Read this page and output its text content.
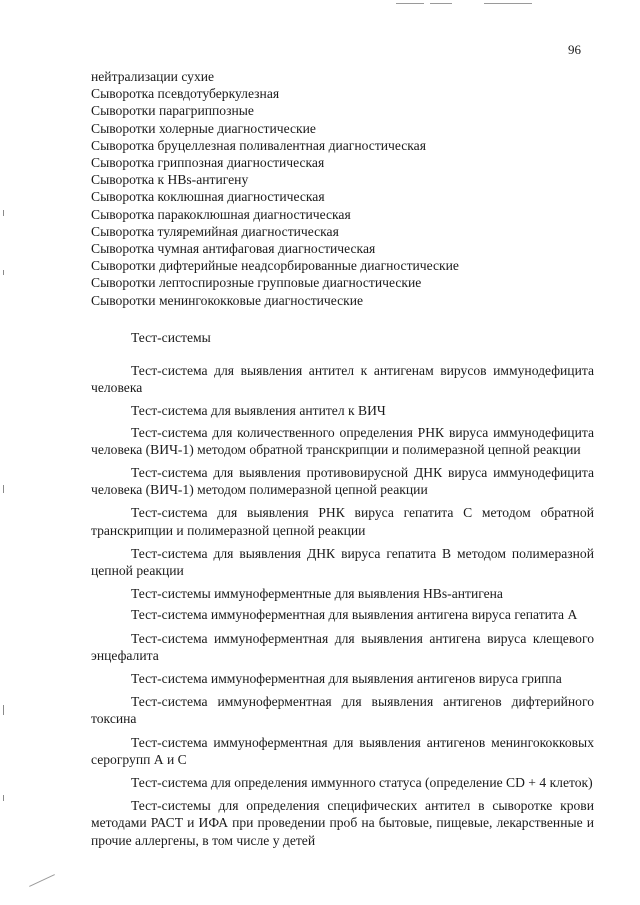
96
нейтрализации сухие
Сыворотка псевдотуберкулезная
Сыворотки парагриппозные
Сыворотки холерные диагностические
Сыворотка бруцеллезная поливалентная диагностическая
Сыворотка гриппозная диагностическая
Сыворотка к HBs-антигену
Сыворотка коклюшная диагностическая
Сыворотка паракоклюшная диагностическая
Сыворотка туляремийная диагностическая
Сыворотка чумная антифаговая диагностическая
Сыворотки дифтерийные неадсорбированные диагностические
Сыворотки лептоспирозные групповые диагностические
Сыворотки менингококковые диагностические
Тест-системы

Тест-система для выявления антител к антигенам вирусов иммунодефицита человека

Тест-система для выявления антител к ВИЧ

Тест-система для количественного определения РНК вируса иммунодефицита человека (ВИЧ-1) методом обратной транскрипции и полимеразной цепной реакции

Тест-система для выявления противовирусной ДНК вируса иммунодефицита человека (ВИЧ-1) методом полимеразной цепной реакции

Тест-система для выявления РНК вируса гепатита С методом обратной транскрипции и полимеразной цепной реакции

Тест-система для выявления ДНК вируса гепатита В методом полимеразной цепной реакции

Тест-системы иммуноферментные для выявления HBs-антигена

Тест-система иммуноферментная для выявления антигена вируса гепатита А

Тест-система иммуноферментная для выявления антигена вируса клещевого энцефалита

Тест-система иммуноферментная для выявления антигенов вируса гриппа

Тест-система иммуноферментная для выявления антигенов дифтерийного токсина

Тест-система иммуноферментная для выявления антигенов менингококковых серогрупп А и С

Тест-система для определения иммунного статуса (определение CD + 4 клеток)

Тест-системы для определения специфических антител в сыворотке крови методами РАСТ и ИФА при проведении проб на бытовые, пищевые, лекарственные и прочие аллергены, в том числе у детей
